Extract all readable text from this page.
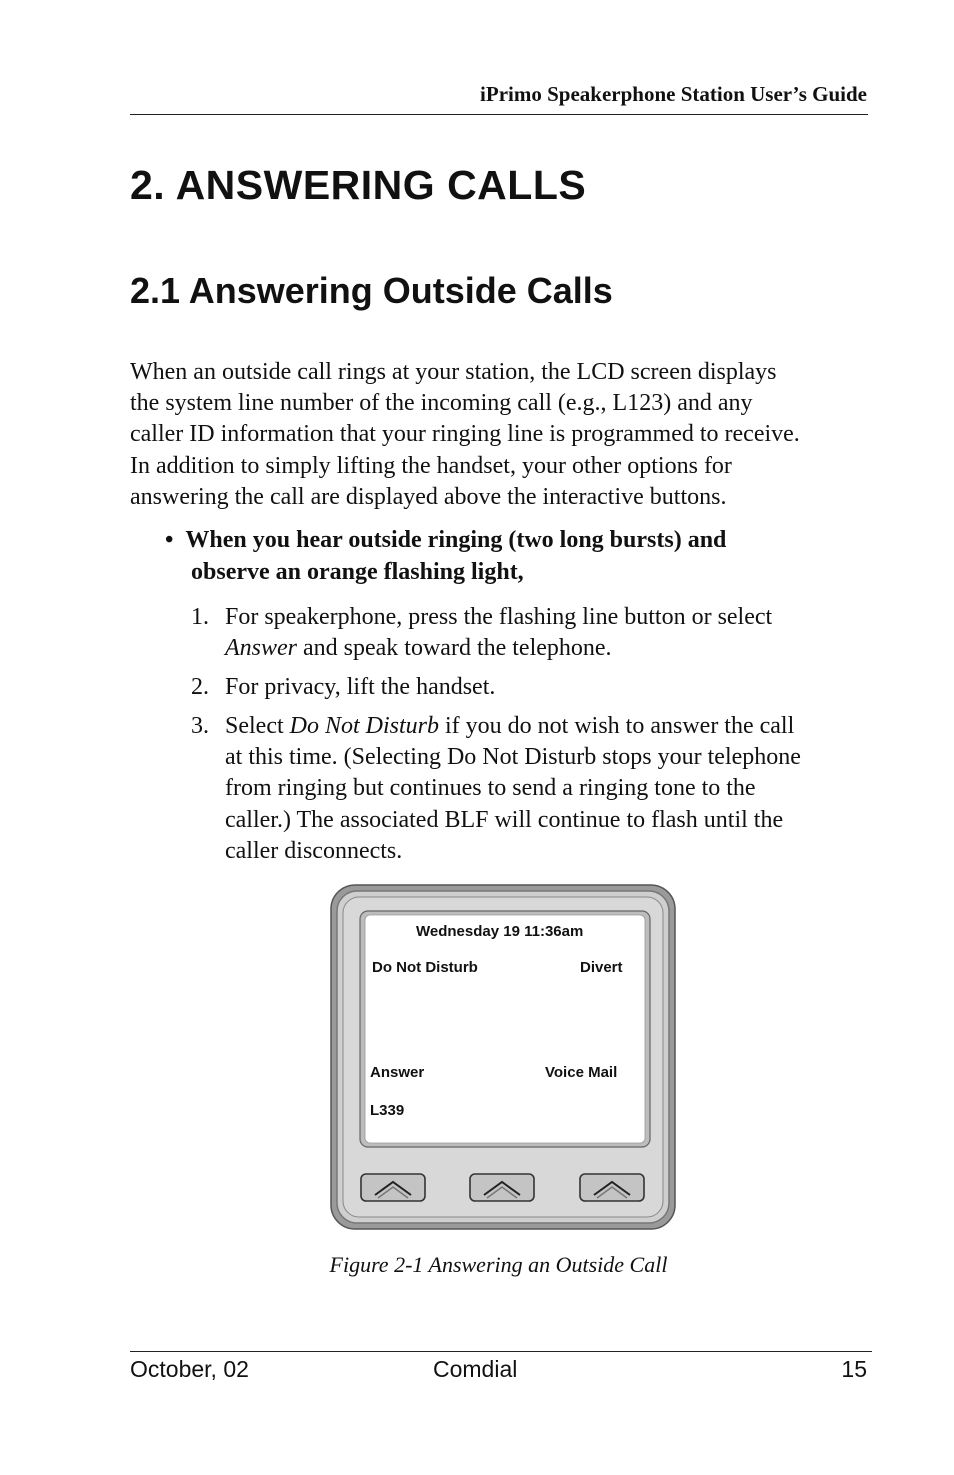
iPrimo Speakerphone Station User’s Guide
2. ANSWERING CALLS
2.1 Answering Outside Calls
When an outside call rings at your station, the LCD screen displays
the system line number of the incoming call (e.g., L123) and any
caller ID information that your ringing line is programmed to receive.
In addition to simply lifting the handset, your other options for
answering the call are displayed above the interactive buttons.
•  When you hear outside ringing (two long bursts) and
observe an orange flashing light,
1. For speakerphone, press the flashing line button or select
Answer and speak toward the telephone.
2. For privacy, lift the handset.
3. Select Do Not Disturb if you do not wish to answer the call
at this time. (Selecting Do Not Disturb stops your telephone
from ringing but continues to send a ringing tone to the
caller.) The associated BLF will continue to flash until the
caller disconnects.
Wednesday 19 11:36am
Do Not Disturb	Divert
Answer	Voice Mail
L339
Figure 2-1 Answering an Outside Call
October, 02	Comdial	15
